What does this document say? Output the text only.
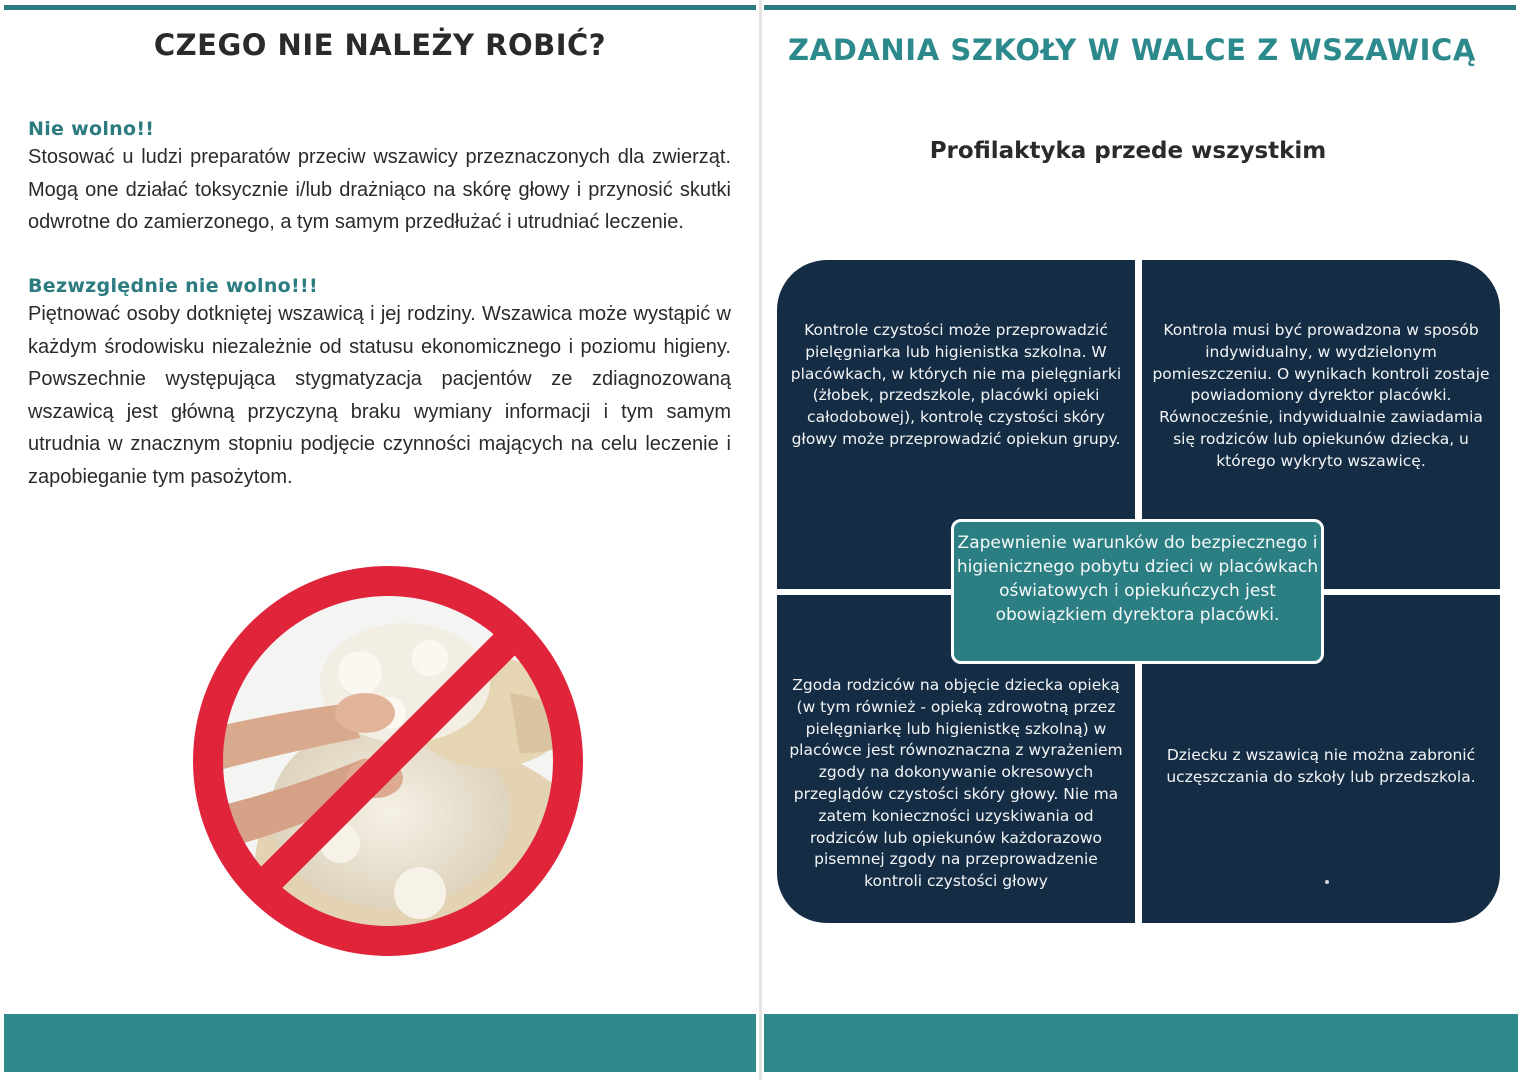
CZEGO NIE NALEŻY ROBIĆ?
Nie wolno!!
Stosować u ludzi preparatów przeciw wszawicy przeznaczonych dla zwierząt. Mogą one działać toksycznie i/lub drażniąco na skórę głowy i przynosić skutki odwrotne do zamierzonego, a tym samym przedłużać i utrudniać leczenie.
Bezwzględnie nie wolno!!!
Piętnować osoby dotkniętej wszawicą i jej rodziny. Wszawica może wystąpić w każdym środowisku niezależnie od statusu ekonomicznego i poziomu higieny. Powszechnie występująca stygmatyzacja pacjentów ze zdiagnozowaną wszawicą jest główną przyczyną braku wymiany informacji i tym samym utrudnia w znacznym stopniu podjęcie czynności mających na celu leczenie i zapobieganie tym pasożytom.
ZADANIA SZKOŁY W WALCE Z WSZAWICĄ
Profilaktyka przede wszystkim
Kontrole czystości może przeprowadzić pielęgniarka lub higienistka szkolna. W placówkach, w których nie ma pielęgniarki (żłobek, przedszkole, placówki opieki całodobowej), kontrolę czystości skóry głowy może przeprowadzić opiekun grupy.
Kontrola musi być prowadzona w sposób indywidualny, w wydzielonym pomieszczeniu. O wynikach kontroli zostaje powiadomiony dyrektor placówki. Równocześnie, indywidualnie zawiadamia się rodziców lub opiekunów dziecka, u którego wykryto wszawicę.
Zgoda rodziców na objęcie dziecka opieką (w tym również - opieką zdrowotną przez pielęgniarkę lub higienistkę szkolną) w placówce jest równoznaczna z wyrażeniem zgody na dokonywanie okresowych przeglądów czystości skóry głowy. Nie ma zatem konieczności uzyskiwania od rodziców lub opiekunów każdorazowo pisemnej zgody na przeprowadzenie kontroli czystości głowy
Dziecku z wszawicą nie można zabronić uczęszczania do szkoły lub przedszkola.
Zapewnienie warunków do bezpiecznego i higienicznego pobytu dzieci w placówkach oświatowych i opiekuńczych jest obowiązkiem dyrektora placówki.
